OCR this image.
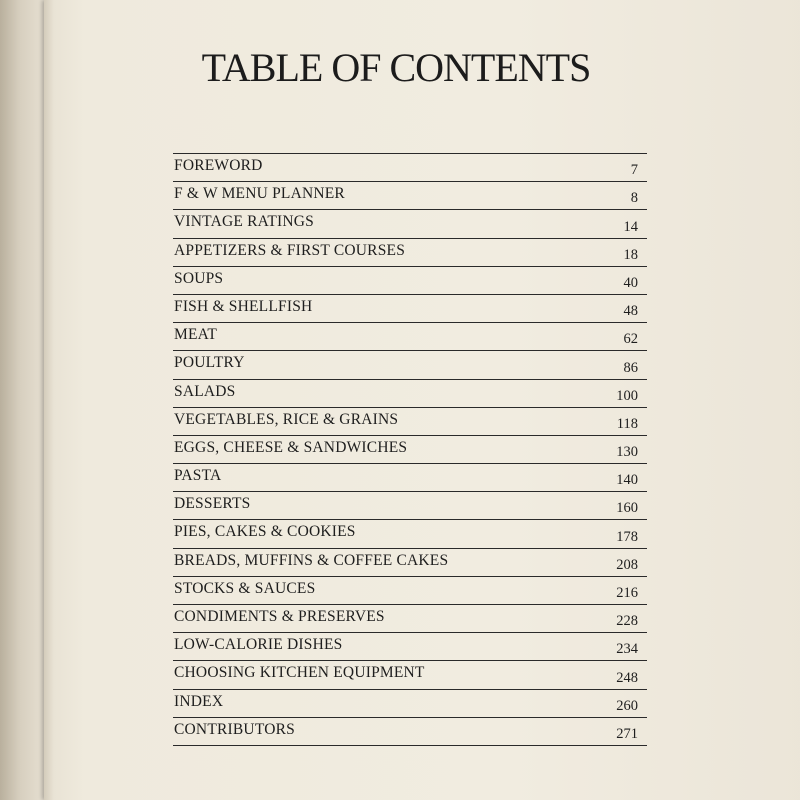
TABLE OF CONTENTS
FOREWORD	7
F & W MENU PLANNER	8
VINTAGE RATINGS	14
APPETIZERS & FIRST COURSES	18
SOUPS	40
FISH & SHELLFISH	48
MEAT	62
POULTRY	86
SALADS	100
VEGETABLES, RICE & GRAINS	118
EGGS, CHEESE & SANDWICHES	130
PASTA	140
DESSERTS	160
PIES, CAKES & COOKIES	178
BREADS, MUFFINS & COFFEE CAKES	208
STOCKS & SAUCES	216
CONDIMENTS & PRESERVES	228
LOW-CALORIE DISHES	234
CHOOSING KITCHEN EQUIPMENT	248
INDEX	260
CONTRIBUTORS	271
